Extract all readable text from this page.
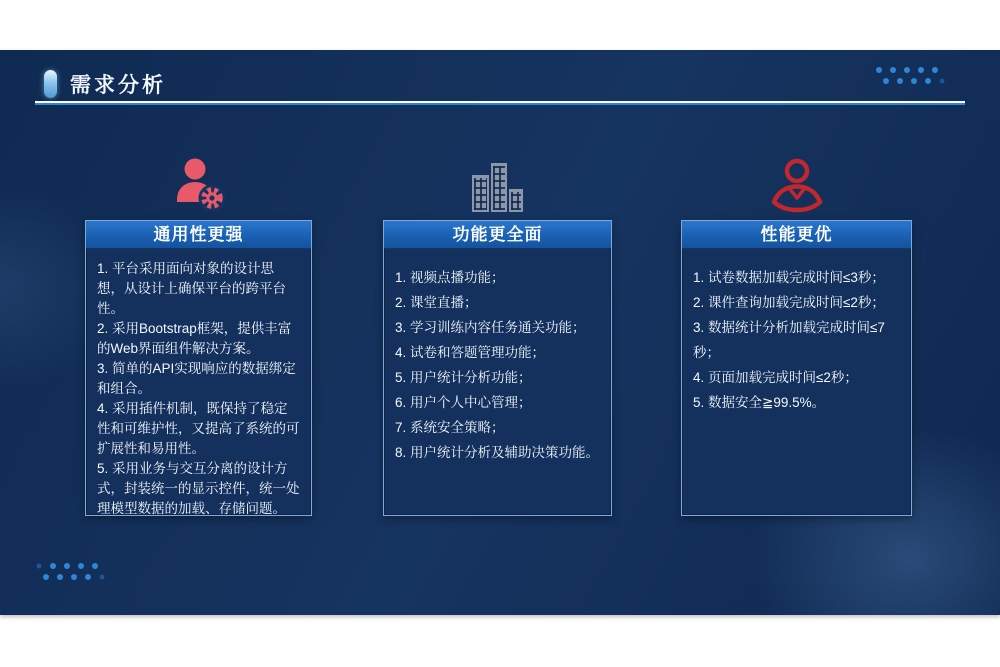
需求分析
通用性更强

1. 平台采用面向对象的设计思想，从设计上确保平台的跨平台性。

2. 采用Bootstrap框架，提供丰富的Web界面组件解决方案。

3. 简单的API实现响应的数据绑定和组合。

4. 采用插件机制，既保持了稳定性和可维护性，又提高了系统的可扩展性和易用性。

5. 采用业务与交互分离的设计方式，封装统一的显示控件，统一处理模型数据的加载、存储问题。

功能更全面

1. 视频点播功能；

2. 课堂直播；

3. 学习训练内容任务通关功能；

4. 试卷和答题管理功能；

5. 用户统计分析功能；

6. 用户个人中心管理；

7. 系统安全策略；

8. 用户统计分析及辅助决策功能。

性能更优

1. 试卷数据加载完成时间≤3秒；

2. 课件查询加载完成时间≤2秒；

3. 数据统计分析加载完成时间≤7秒；

4. 页面加载完成时间≤2秒；

5. 数据安全≧99.5%。
